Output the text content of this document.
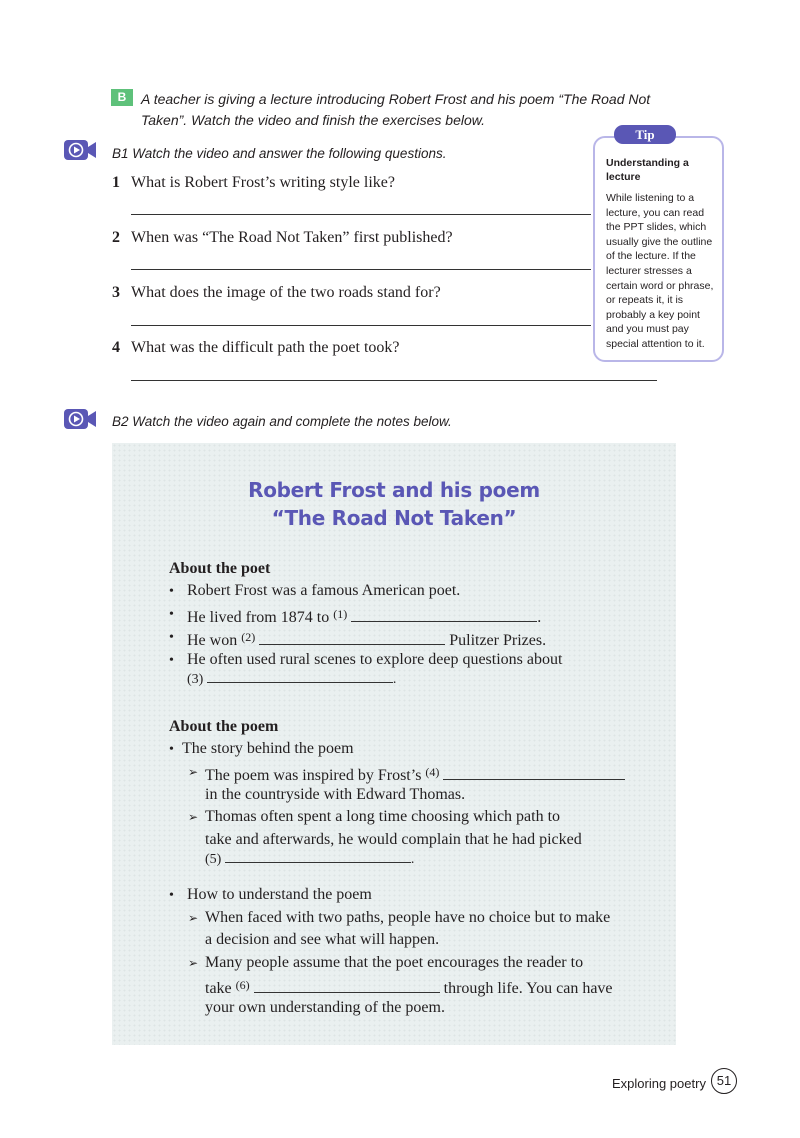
B	A teacher is giving a lecture introducing Robert Frost and his poem “The Road Not Taken”. Watch the video and finish the exercises below.
B1 Watch the video and answer the following questions.
1 What is Robert Frost’s writing style like?
2 When was “The Road Not Taken” first published?
3 What does the image of the two roads stand for?
4 What was the difficult path the poet took?
Tip
Understanding a lecture
While listening to a lecture, you can read the PPT slides, which usually give the outline of the lecture. If the lecturer stresses a certain word or phrase, or repeats it, it is probably a key point and you must pay special attention to it.
B2 Watch the video again and complete the notes below.
Robert Frost and his poem
“The Road Not Taken”
About the poet
• Robert Frost was a famous American poet.
• He lived from 1874 to $^{(1)}$	.
• He won $^{(2)}$	Pulitzer Prizes.
• He often used rural scenes to explore deep questions about
(3)	.
About the poem
• The story behind the poem
➢ The poem was inspired by Frost’s $^{(4)}$
in the countryside with Edward Thomas.
➢ Thomas often spent a long time choosing which path to
take and afterwards, he would complain that he had picked
(5)	.
• How to understand the poem
➢ When faced with two paths, people have no choice but to make
a decision and see what will happen.
➢ Many people assume that the poet encourages the reader to
take $^{(6)}$	through life. You can have
your own understanding of the poem.
Exploring poetry 51
